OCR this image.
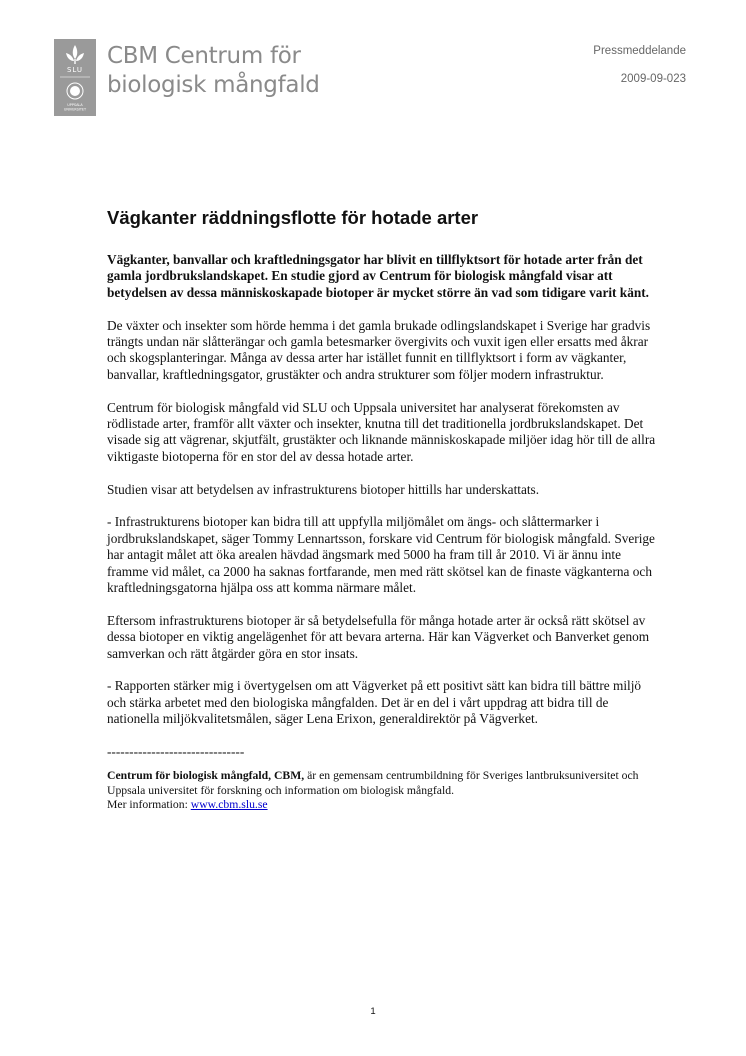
SLU
UPPSALA
UNIVERSITET
CBM Centrum för
biologisk mångfald
Pressmeddelande
2009-09-023
Vägkanter räddningsflotte för hotade arter

Vägkanter, banvallar och kraftledningsgator har blivit en tillflyktsort för hotade arter från det gamla jordbrukslandskapet. En studie gjord av Centrum för biologisk mångfald visar att betydelsen av dessa människoskapade biotoper är mycket större än vad som tidigare varit känt.

De växter och insekter som hörde hemma i det gamla brukade odlingslandskapet i Sverige har gradvis trängts undan när slåtterängar och gamla betesmarker övergivits och vuxit igen eller ersatts med åkrar och skogsplanteringar. Många av dessa arter har istället funnit en tillflyktsort i form av vägkanter, banvallar, kraftledningsgator, grustäkter och andra strukturer som följer modern infrastruktur.

Centrum för biologisk mångfald vid SLU och Uppsala universitet har analyserat förekomsten av rödlistade arter, framför allt växter och insekter, knutna till det traditionella jordbrukslandskapet. Det visade sig att vägrenar, skjutfält, grustäkter och liknande människoskapade miljöer idag hör till de allra viktigaste biotoperna för en stor del av dessa hotade arter.

Studien visar att betydelsen av infrastrukturens biotoper hittills har underskattats.

- Infrastrukturens biotoper kan bidra till att uppfylla miljömålet om ängs- och slåttermarker i jordbrukslandskapet, säger Tommy Lennartsson, forskare vid Centrum för biologisk mångfald. Sverige har antagit målet att öka arealen hävdad ängsmark med 5000 ha fram till år 2010. Vi är ännu inte framme vid målet, ca 2000 ha saknas fortfarande, men med rätt skötsel kan de finaste vägkanterna och kraftledningsgatorna hjälpa oss att komma närmare målet.

Eftersom infrastrukturens biotoper är så betydelsefulla för många hotade arter är också rätt skötsel av dessa biotoper en viktig angelägenhet för att bevara arterna. Här kan Vägverket och Banverket genom samverkan och rätt åtgärder göra en stor insats.

- Rapporten stärker mig i övertygelsen om att Vägverket på ett positivt sätt kan bidra till bättre miljö och stärka arbetet med den biologiska mångfalden. Det är en del i vårt uppdrag att bidra till de nationella miljökvalitetsmålen, säger Lena Erixon, generaldirektör på Vägverket.

-------------------------------
Centrum för biologisk mångfald, CBM, är en gemensam centrumbildning för Sveriges lantbruksuniversitet och Uppsala universitet för forskning och information om biologisk mångfald.
Mer information: www.cbm.slu.se
1
